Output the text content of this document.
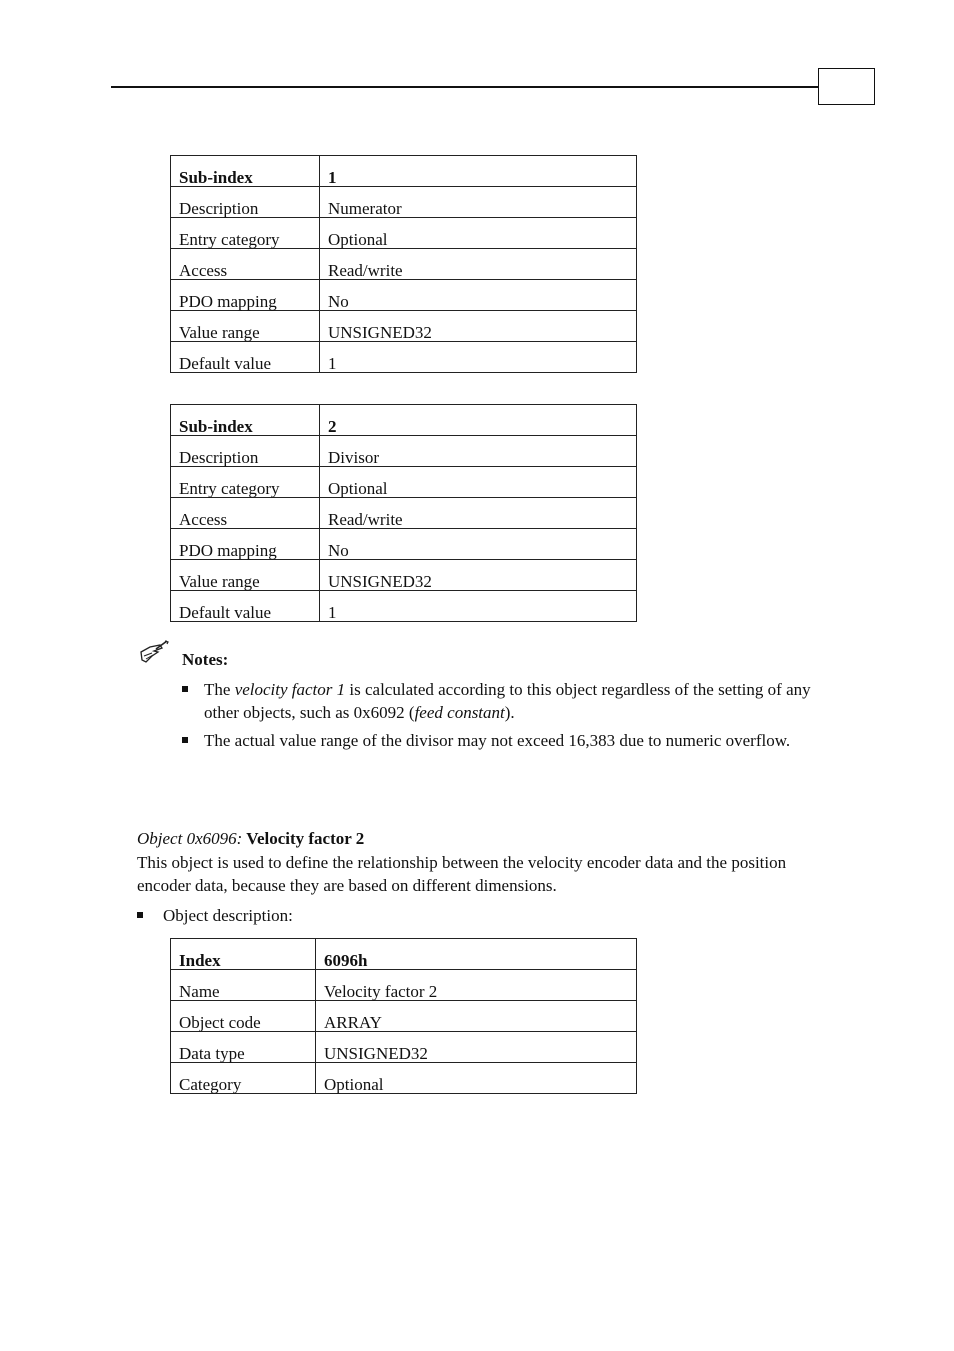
Sub-index	1
Description	Numerator
Entry category	Optional
Access	Read/write
PDO mapping	No
Value range	UNSIGNED32
Default value	1
Sub-index	2
Description	Divisor
Entry category	Optional
Access	Read/write
PDO mapping	No
Value range	UNSIGNED32
Default value	1
Notes:
The velocity factor 1 is calculated according to this object regardless of the setting of any other objects, such as 0x6092 (feed constant).
The actual value range of the divisor may not exceed 16,383 due to numeric overflow.
Object 0x6096: Velocity factor 2
This object is used to define the relationship between the velocity encoder data and the position encoder data, because they are based on different dimensions.
Object description:
Index	6096h
Name	Velocity factor 2
Object code	ARRAY
Data type	UNSIGNED32
Category	Optional
